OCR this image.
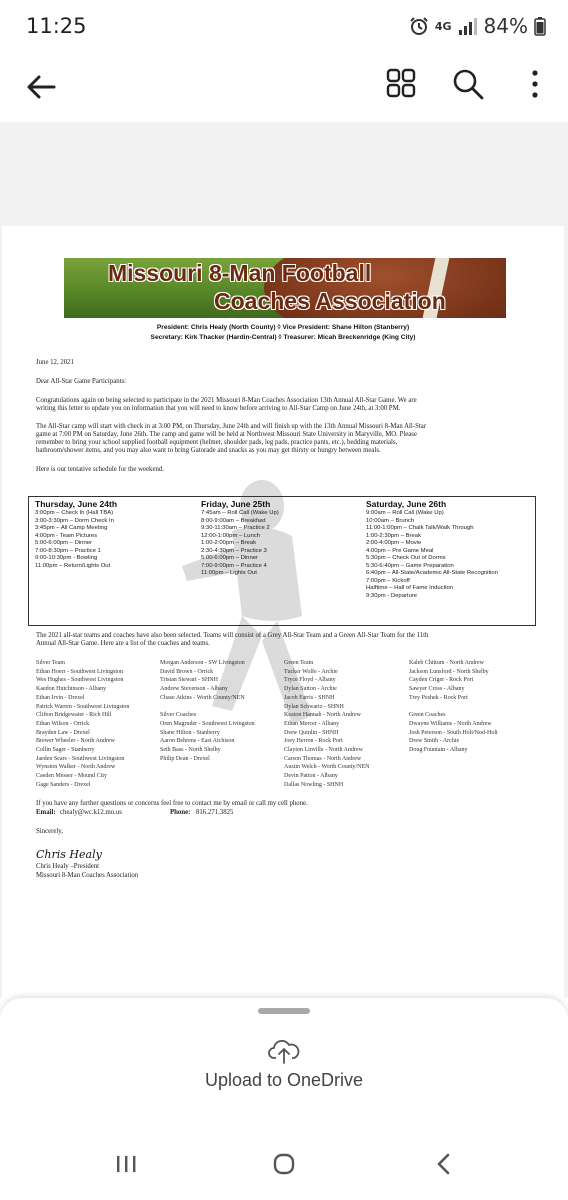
11:25	4G 84%
Missouri 8-Man Football
Coaches Association
President: Chris Healy (North County) ◊ Vice President: Shane Hilton (Stanberry)
Secretary: Kirk Thacker (Hardin-Central) ◊ Treasurer: Micah Breckenridge (King City)
June 12, 2021
Dear All-Star Game Participants:
Congratulations again on being selected to participate in the 2021 Missouri 8-Man Coaches Association 13th Annual All-Star Game. We are
writing this letter to update you on information that you will need to know before arriving to All-Star Camp on June 24th, at 3:00 PM.
The All-Star camp will start with check in at 3:00 PM, on Thursday, June 24th and will finish up with the 13th Annual Missouri 8-Man All-Star
game at 7:00 PM on Saturday, June 26th. The camp and game will be held at Northwest Missouri State University in Maryville, MO. Please
remember to bring your school supplied football equipment (helmet, shoulder pads, leg pads, practice pants, etc.), bedding materials,
bathroom/shower items, and you may also want to bring Gatorade and snacks as you may get thirsty or hungry between meals.
Here is our tentative schedule for the weekend.
Thursday, June 24th
3:00pm – Check In (Hall TBA)
3:00-3:30pm – Dorm Check In
3:45pm – All Camp Meeting
4:00pm - Team Pictures
5:00-6:00pm – Dinner
7:00-8:30pm – Practice 1
9:00-10:30pm - Bowling
11:00pm – Return/Lights Out
Friday, June 25th
7:45am – Roll Call (Wake Up)
8:00-9:00am – Breakfast
9:30-11:30am – Practice 2
12:00-1:00pm – Lunch
1:00-2:00pm – Break
2:30-4:30pm – Practice 3
5:00-6:00pm – Dinner
7:00-9:00pm – Practice 4
11:00pm – Lights Out
Saturday, June 26th
9:00am – Roll Call (Wake Up)
10:00am – Brunch
11:00-1:00pm – Chalk Talk/Walk Through
1:00-2:30pm – Break
2:00-4:00pm – Movie
4:00pm – Pre Game Meal
5:30pm – Check Out of Dorms
5:30-6:40pm – Game Preparation
6:40pm – All-State/Academic All-State Recognition
7:00pm – Kickoff
Halftime – Hall of Fame Induction
9:30pm - Departure
The 2021 all-star teams and coaches have also been selected. Teams will consist of a Grey All-Star Team and a Green All-Star Team for the 11th
Annual All-Star Game. Here are a list of the coaches and teams.
Silver Team
Ethan Hoerr - Southwest Livingston
Wes Hughes - Southwest Livingston
Kaedon Hutchinson - Albany
Ethan Irvin - Drexel
Patrick Warren - Southwest Livingston
Clifton Bridgewater - Rich Hill
Ethan Wilson - Orrick
Brayden Law - Drexel
Brewer Wheeler - North Andrew
Collin Sager - Stanberry
Jaeden Sears - Southwest Livingston
Wynston Walker - North Andrew
Caeden Messer - Mound City
Gage Sanders - Drexel
Morgan Anderson - SW Livingston
David Brown - Orrick
Tristan Stewart - SHNH
Andrew Stevenson - Albany
Chase Atkins - Worth County/NEN
Silver Coaches
Oren Magruder - Southwest Livingston
Shane Hilton - Stanberry
Aaron Behrens - East Atchison
Seth Bass - North Shelby
Philip Dean - Drexel
Green Team
Tucker Wolfe - Archie
Tryce Floyd - Albany
Dylan Sutton - Archie
Jacob Farris - SHNH
Dylan Schwartz - SHNH
Keaton Hannah - North Andrew
Ethan Mercer - Albany
Drew Quinlin - SHNH
Joey Herron - Rock Port
Clayton Linville - North Andrew
Carson Thomas - North Andrew
Austin Welch - Worth County/NEN
Devin Patton - Albany
Dallas Nowling - SHNH
Kaleb Chittum - North Andrew
Jackson Lunsford - North Shelby
Cayden Criger - Rock Port
Sawyer Cross - Albany
Trey Peshek - Rock Port
Green Coaches
Dwayne Williams - North Andrew
Josh Peterson - South Holt/Nod-Holt
Drew Smith - Archie
Doug Fountain - Albany
If you have any further questions or concerns feel free to contact me by email or call my cell phone.
Email: chealy@wc.k12.mo.us	Phone: 816.271.3825
Sincerely,
Chris Healy
Chris Healy –President
Missouri 8-Man Coaches Association
Upload to OneDrive
